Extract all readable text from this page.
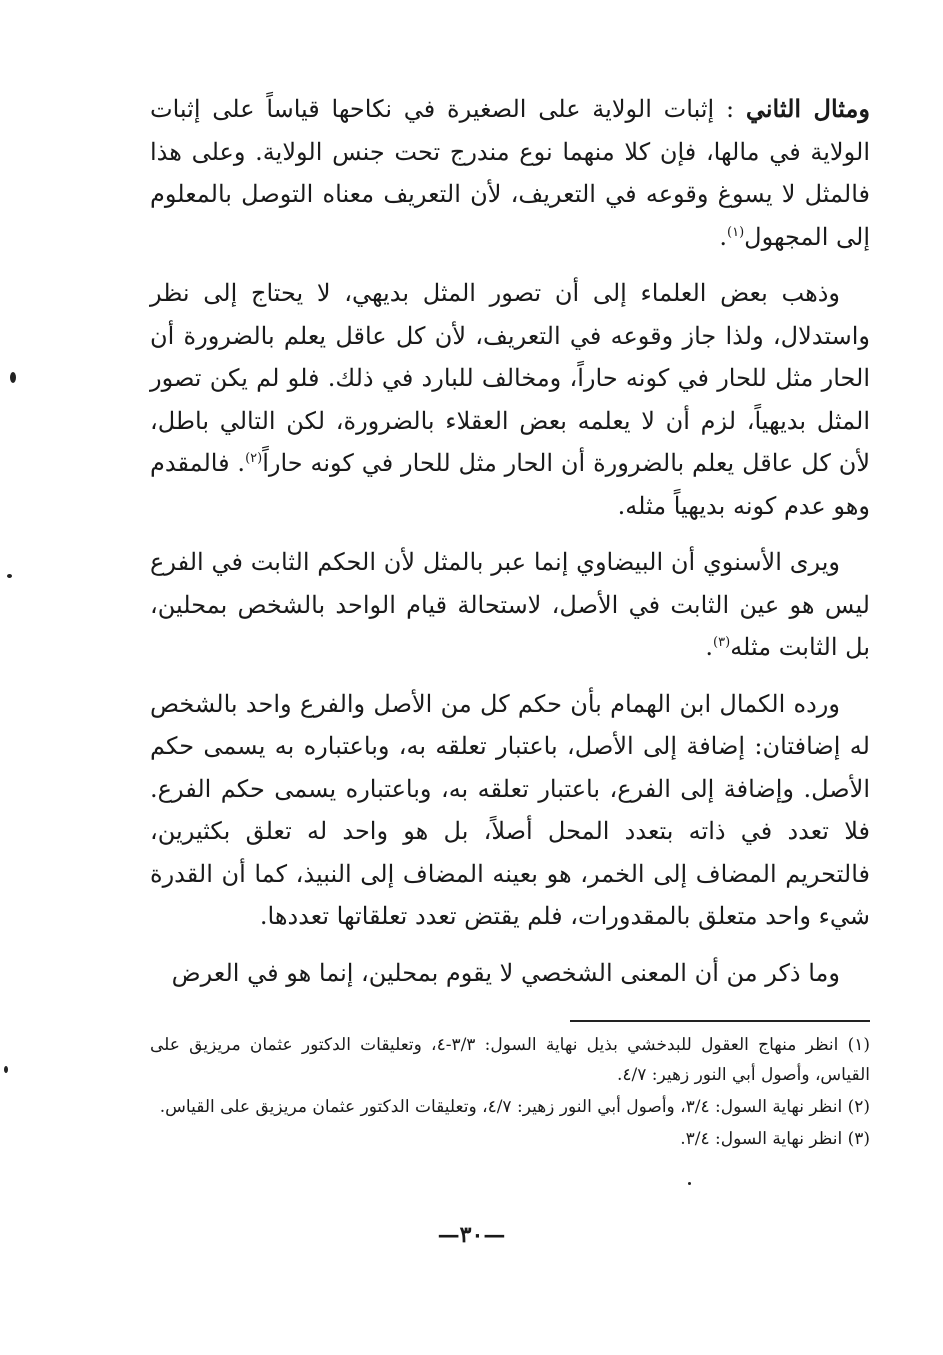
ومثال الثاني : إثبات الولاية على الصغيرة في نكاحها قياساً على إثبات الولاية في مالها، فإن كلا منهما نوع مندرج تحت جنس الولاية. وعلى هذا فالمثل لا يسوغ وقوعه في التعريف، لأن التعريف معناه التوصل بالمعلوم إلى المجهول$^{(١)}$.

وذهب بعض العلماء إلى أن تصور المثل بديهي، لا يحتاج إلى نظر واستدلال، ولذا جاز وقوعه في التعريف، لأن كل عاقل يعلم بالضرورة أن الحار مثل للحار في كونه حاراً، ومخالف للبارد في ذلك. فلو لم يكن تصور المثل بديهياً، لزم أن لا يعلمه بعض العقلاء بالضرورة، لكن التالي باطل، لأن كل عاقل يعلم بالضرورة أن الحار مثل للحار في كونه حاراً$^{(٢)}$. فالمقدم وهو عدم كونه بديهياً مثله.

ويرى الأسنوي أن البيضاوي إنما عبر بالمثل لأن الحكم الثابت في الفرع ليس هو عين الثابت في الأصل، لاستحالة قيام الواحد بالشخص بمحلين، بل الثابت مثله$^{(٣)}$.

ورده الكمال ابن الهمام بأن حكم كل من الأصل والفرع واحد بالشخص له إضافتان: إضافة إلى الأصل، باعتبار تعلقه به، وباعتباره به يسمى حكم الأصل. وإضافة إلى الفرع، باعتبار تعلقه به، وباعتباره يسمى حكم الفرع. فلا تعدد في ذاته بتعدد المحل أصلاً، بل هو واحد له تعلق بكثيرين، فالتحريم المضاف إلى الخمر، هو بعينه المضاف إلى النبيذ، كما أن القدرة شيء واحد متعلق بالمقدورات، فلم يقتض تعدد تعلقاتها تعددها.

وما ذكر من أن المعنى الشخصي لا يقوم بمحلين، إنما هو في العرض

(١) انظر منهاج العقول للبدخشي بذيل نهاية السول: ٣/٣-٤، وتعليقات الدكتور عثمان مريزيق على القياس، وأصول أبي النور زهير: ٤/٧.

(٢) انظر نهاية السول: ٣/٤، وأصول أبي النور زهير: ٤/٧، وتعليقات الدكتور عثمان مريزيق على القياس.

(٣) انظر نهاية السول: ٣/٤.

—٣٠—
